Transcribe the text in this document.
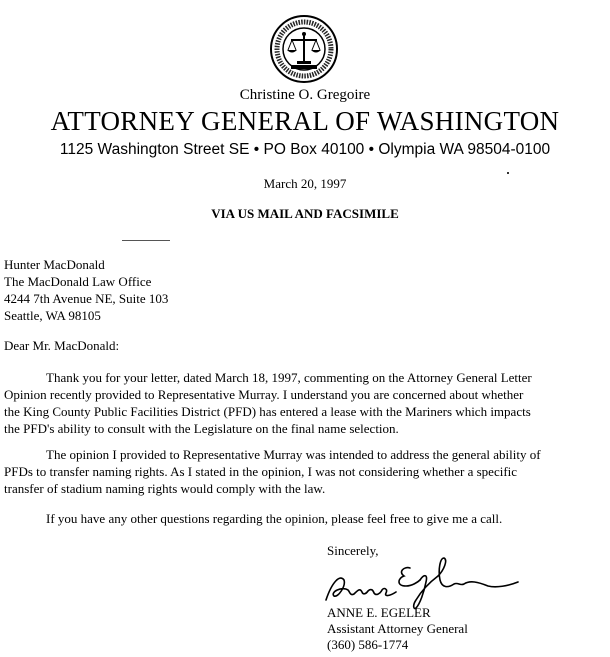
Christine O. Gregoire
ATTORNEY GENERAL OF WASHINGTON
1125 Washington Street SE • PO Box 40100 • Olympia WA 98504-0100
March 20, 1997
VIA US MAIL AND FACSIMILE
Hunter MacDonald
The MacDonald Law Office
4244 7th Avenue NE, Suite 103
Seattle, WA 98105
Dear Mr. MacDonald:
Thank you for your letter, dated March 18, 1997, commenting on the Attorney General Letter
Opinion recently provided to Representative Murray. I understand you are concerned about whether
the King County Public Facilities District (PFD) has entered a lease with the Mariners which impacts
the PFD's ability to consult with the Legislature on the final name selection.
The opinion I provided to Representative Murray was intended to address the general ability of
PFDs to transfer naming rights. As I stated in the opinion, I was not considering whether a specific
transfer of stadium naming rights would comply with the law.
If you have any other questions regarding the opinion, please feel free to give me a call.
Sincerely,
ANNE E. EGELER
Assistant Attorney General
(360) 586-1774
